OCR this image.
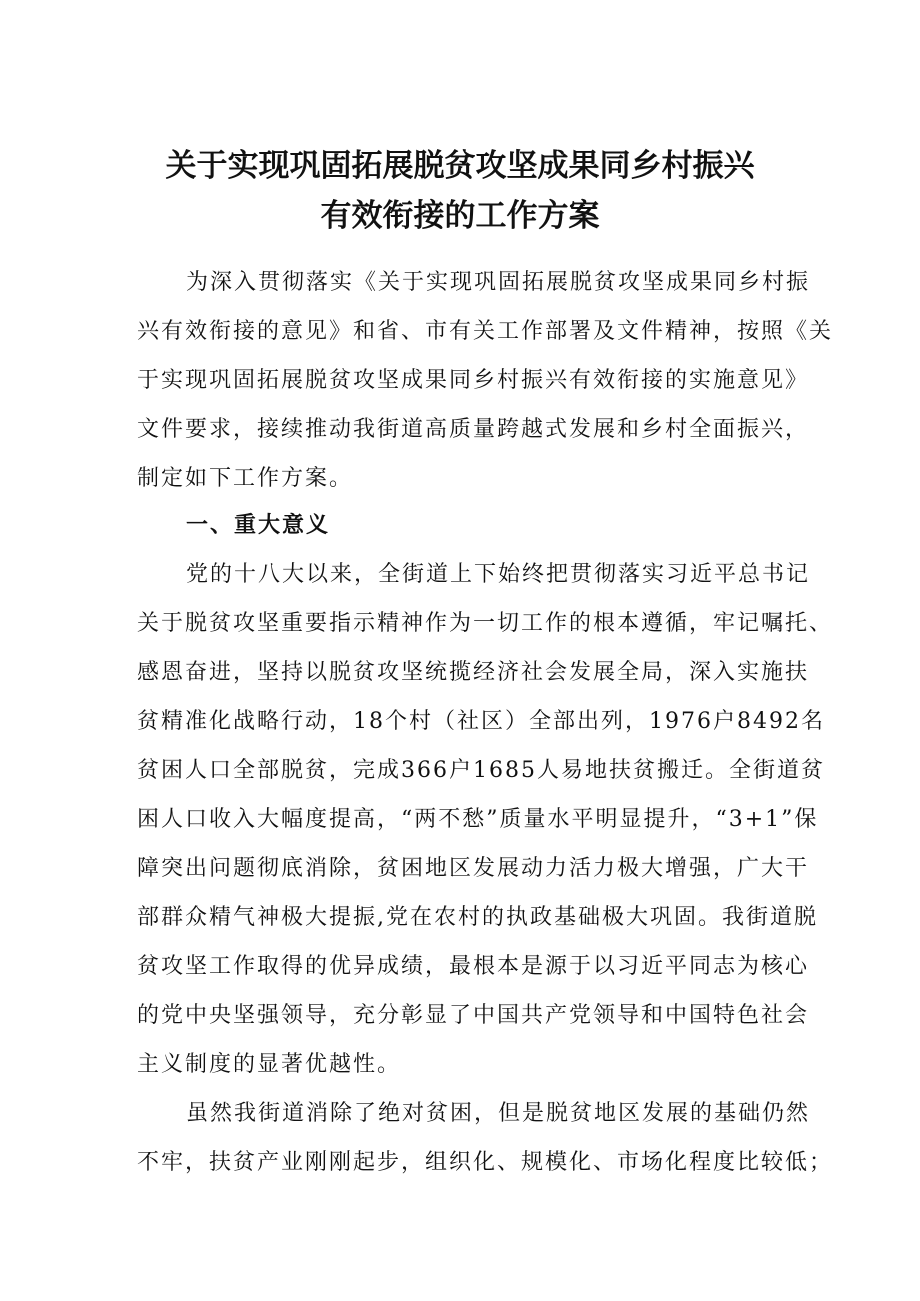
关于实现巩固拓展脱贫攻坚成果同乡村振兴
有效衔接的工作方案
为深入贯彻落实《关于实现巩固拓展脱贫攻坚成果同乡村振
兴有效衔接的意见》和省、市有关工作部署及文件精神，按照《关
于实现巩固拓展脱贫攻坚成果同乡村振兴有效衔接的实施意见》
文件要求，接续推动我街道高质量跨越式发展和乡村全面振兴，
制定如下工作方案。
一、重大意义
党的十八大以来，全街道上下始终把贯彻落实习近平总书记
关于脱贫攻坚重要指示精神作为一切工作的根本遵循，牢记嘱托、
感恩奋进，坚持以脱贫攻坚统揽经济社会发展全局，深入实施扶
贫精准化战略行动，18个村（社区）全部出列，1976户8492名
贫困人口全部脱贫，完成366户1685人易地扶贫搬迁。全街道贫
困人口收入大幅度提高，“两不愁”质量水平明显提升，“3+1”保
障突出问题彻底消除，贫困地区发展动力活力极大增强，广大干
部群众精气神极大提振,党在农村的执政基础极大巩固。我街道脱
贫攻坚工作取得的优异成绩，最根本是源于以习近平同志为核心
的党中央坚强领导，充分彰显了中国共产党领导和中国特色社会
主义制度的显著优越性。
虽然我街道消除了绝对贫困，但是脱贫地区发展的基础仍然
不牢，扶贫产业刚刚起步，组织化、规模化、市场化程度比较低；
